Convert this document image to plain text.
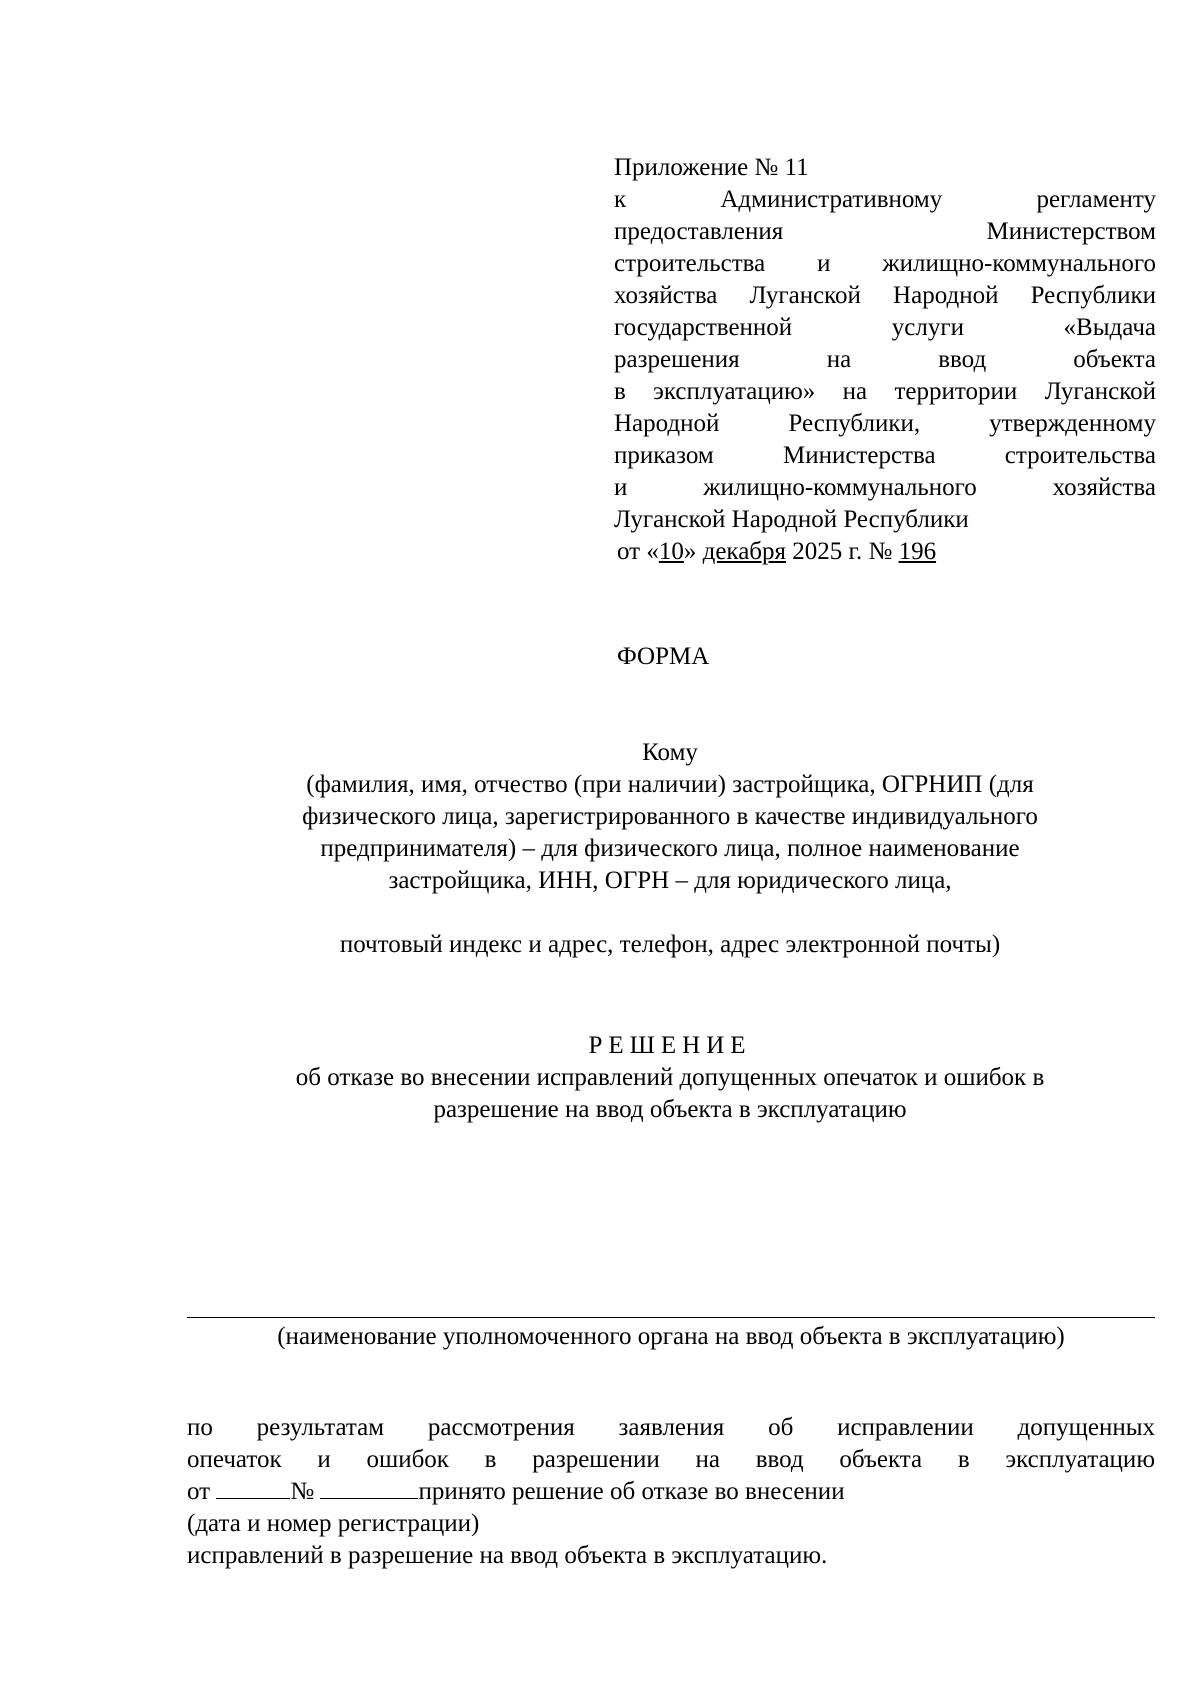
Приложение № 11
к Административному регламенту
предоставления Министерством
строительства и жилищно-коммунального
хозяйства Луганской Народной Республики
государственной услуги «Выдача
разрешения на ввод объекта
в эксплуатацию» на территории Луганской
Народной Республики, утвержденному
приказом Министерства строительства
и жилищно-коммунального хозяйства
Луганской Народной Республики
от «10» декабря 2025 г. № 196
ФОРМА
Кому
(фамилия, имя, отчество (при наличии) застройщика, ОГРНИП (для
физического лица, зарегистрированного в качестве индивидуального
предпринимателя) – для физического лица, полное наименование
застройщика, ИНН, ОГРН – для юридического лица,
почтовый индекс и адрес, телефон, адрес электронной почты)
РЕШЕНИЕ
об отказе во внесении исправлений допущенных опечаток и ошибок в
разрешение на ввод объекта в эксплуатацию
(наименование уполномоченного органа на ввод объекта в эксплуатацию)
по результатам рассмотрения заявления об исправлении допущенных
опечаток и ошибок в разрешении на ввод объекта в эксплуатацию
от	№	принято решение об отказе во внесении
(дата и номер регистрации)
исправлений в разрешение на ввод объекта в эксплуатацию.
